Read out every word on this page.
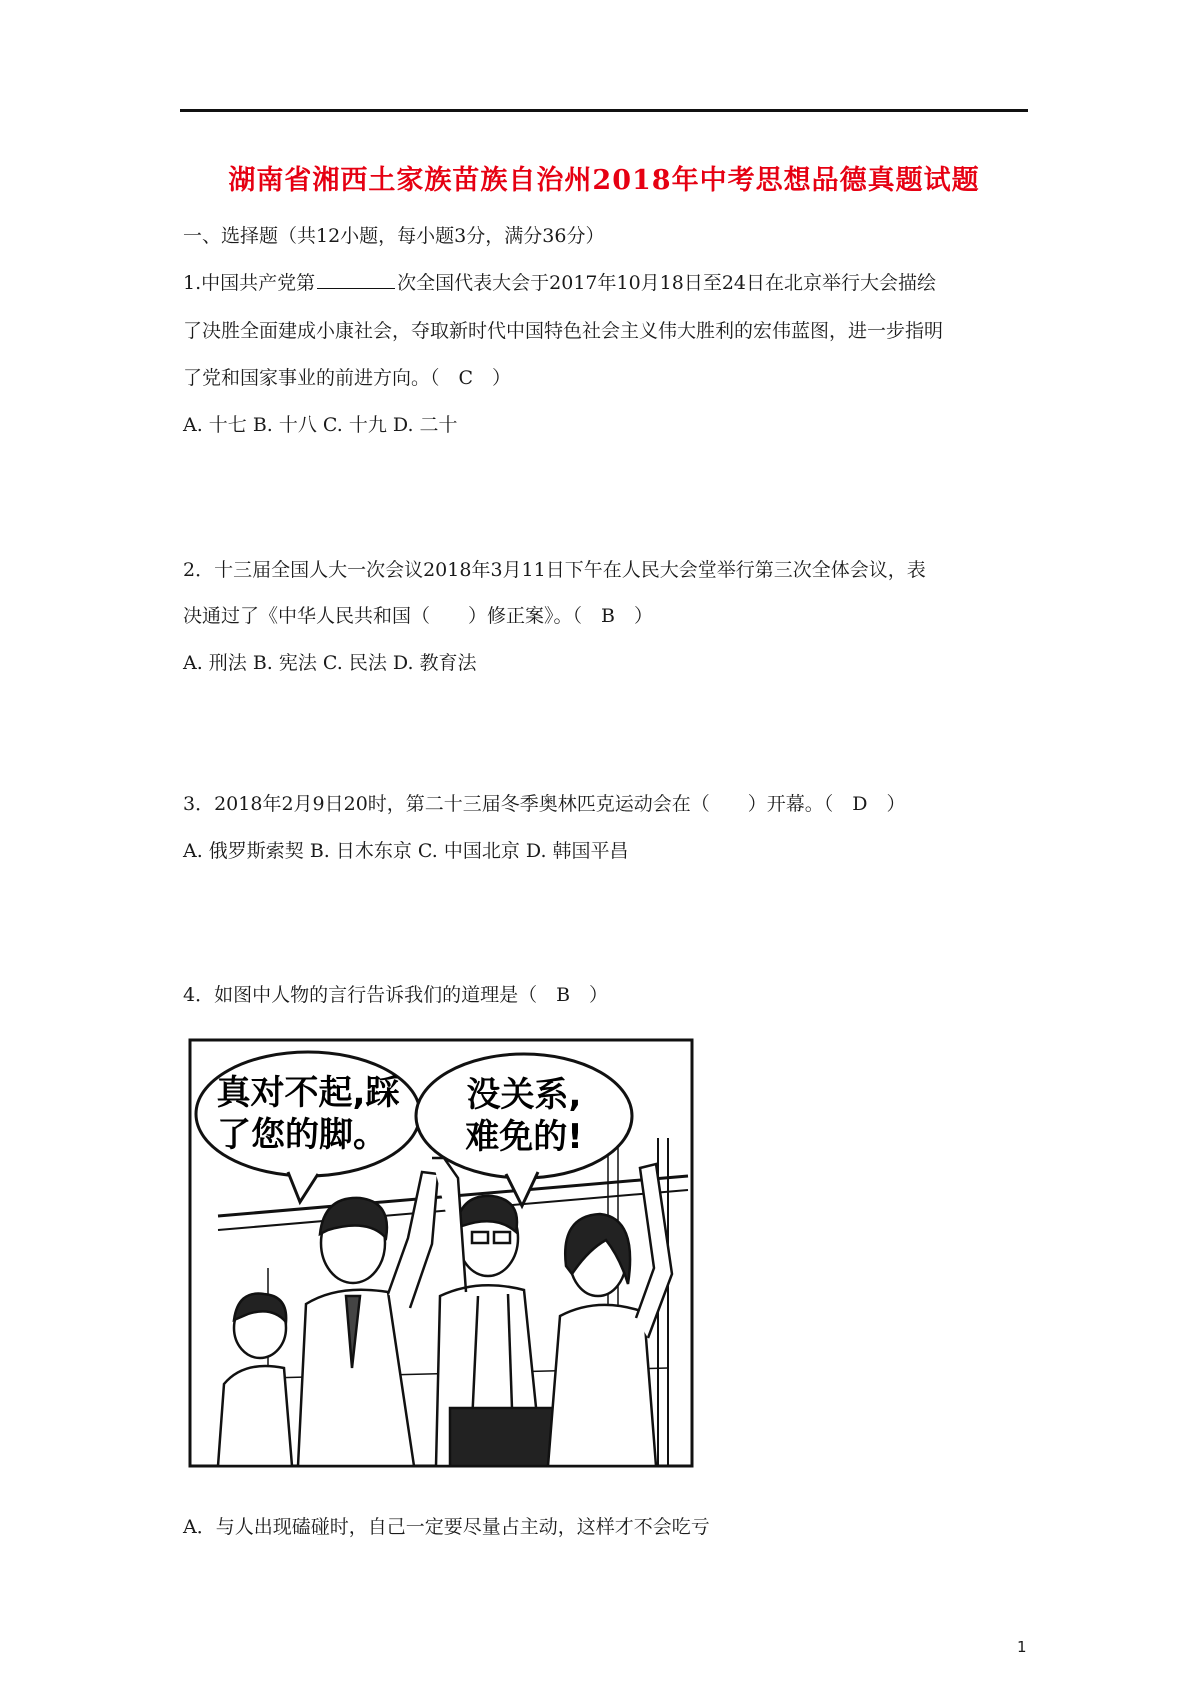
湖南省湘西土家族苗族自治州2018年中考思想品德真题试题
一、选择题（共12小题，每小题3分，满分36分）
1.中国共产党第	次全国代表大会于2017年10月18日至24日在北京举行大会描绘
了决胜全面建成小康社会，夺取新时代中国特色社会主义伟大胜利的宏伟蓝图，进一步指明
了党和国家事业的前进方向。（　C　）
A. 十七 B. 十八 C. 十九 D. 二十
2．十三届全国人大一次会议2018年3月11日下午在人民大会堂举行第三次全体会议，表
决通过了《中华人民共和国（　　）修正案》。（　B　）
A. 刑法 B. 宪法 C. 民法 D. 教育法
3．2018年2月9日20时，第二十三届冬季奥林匹克运动会在（　　）开幕。（　D　）
A. 俄罗斯索契 B. 日木东京 C. 中国北京 D. 韩国平昌
4．如图中人物的言行告诉我们的道理是（　B　）
真对不起,踩
了您的脚。
没关系,
难免的!
A．与人出现磕碰时，自己一定要尽量占主动，这样才不会吃亏
1
